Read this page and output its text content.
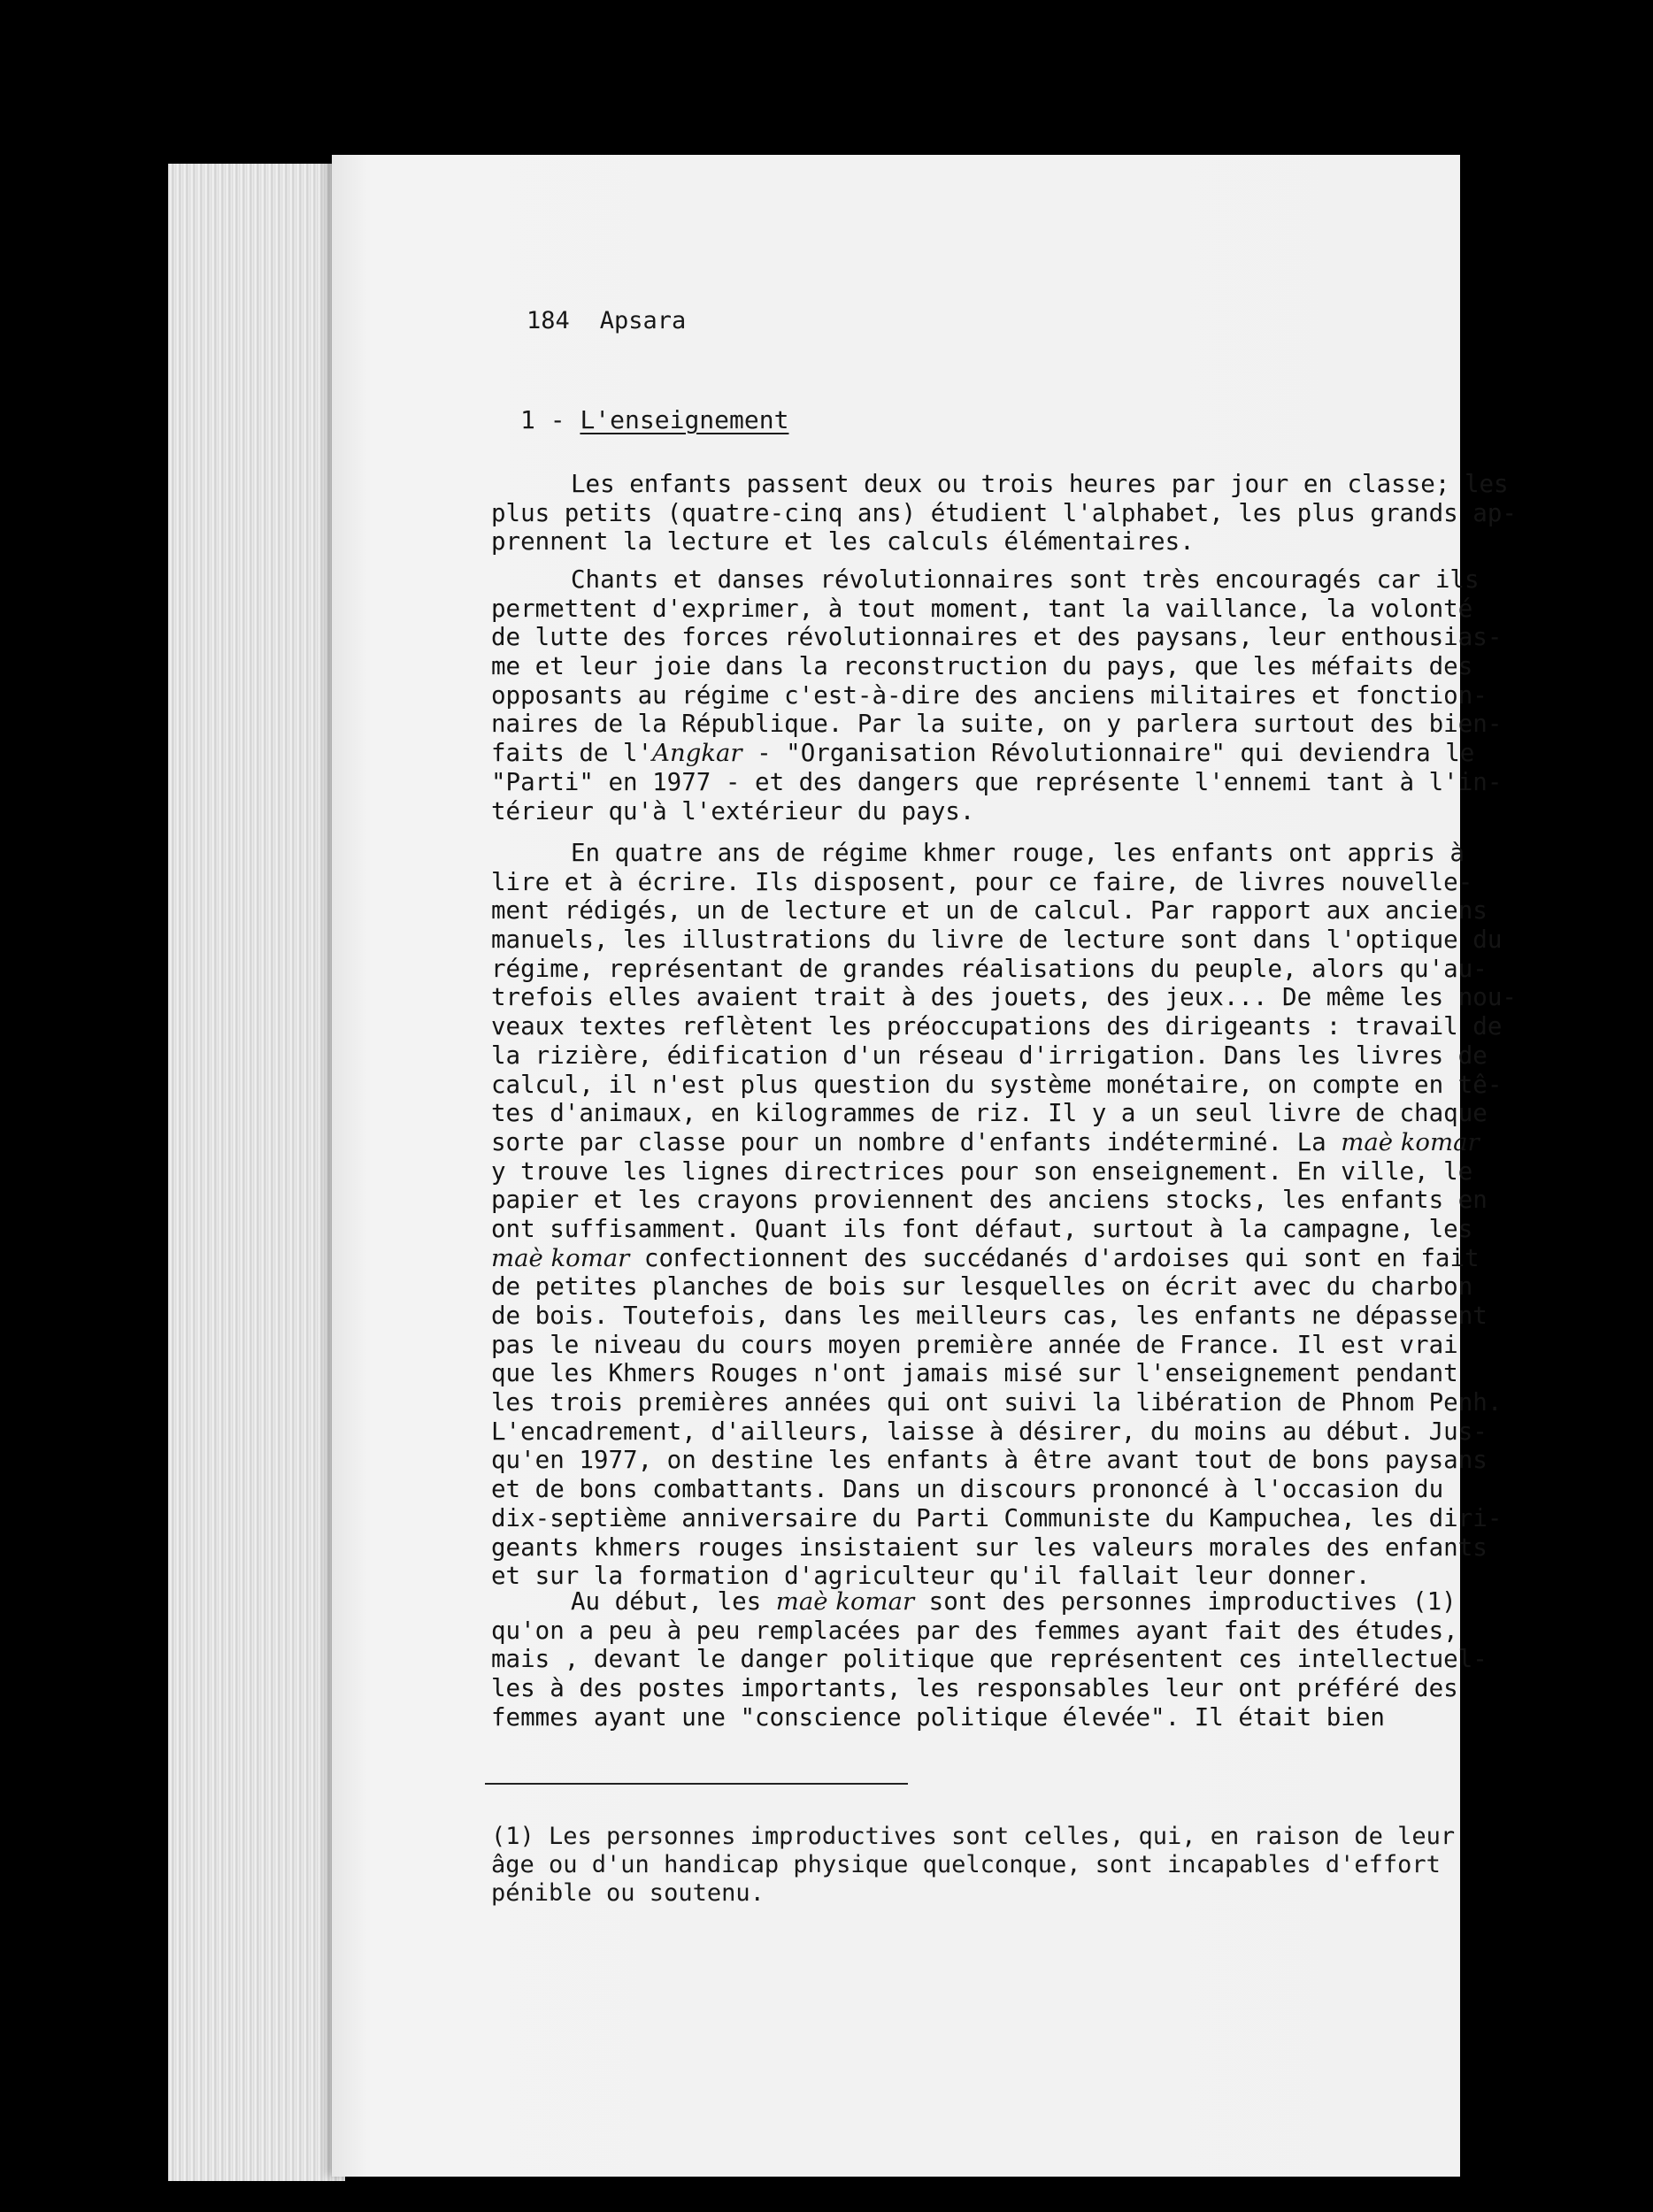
184 Apsara
1 - L'enseignement
Les enfants passent deux ou trois heures par jour en classe; les
plus petits (quatre-cinq ans) étudient l'alphabet, les plus grands ap-
prennent la lecture et les calculs élémentaires.
Chants et danses révolutionnaires sont très encouragés car ils
permettent d'exprimer, à tout moment, tant la vaillance, la volonté
de lutte des forces révolutionnaires et des paysans, leur enthousias-
me et leur joie dans la reconstruction du pays, que les méfaits des
opposants au régime c'est-à-dire des anciens militaires et fonction-
naires de la République. Par la suite, on y parlera surtout des bien-
faits de l'Angkar - "Organisation Révolutionnaire" qui deviendra le
"Parti" en 1977 - et des dangers que représente l'ennemi tant à l'in-
térieur qu'à l'extérieur du pays.
En quatre ans de régime khmer rouge, les enfants ont appris à
lire et à écrire. Ils disposent, pour ce faire, de livres nouvelle-
ment rédigés, un de lecture et un de calcul. Par rapport aux anciens
manuels, les illustrations du livre de lecture sont dans l'optique du
régime, représentant de grandes réalisations du peuple, alors qu'au-
trefois elles avaient trait à des jouets, des jeux... De même les nou-
veaux textes reflètent les préoccupations des dirigeants : travail de
la rizière, édification d'un réseau d'irrigation. Dans les livres de
calcul, il n'est plus question du système monétaire, on compte en tê-
tes d'animaux, en kilogrammes de riz. Il y a un seul livre de chaque
sorte par classe pour un nombre d'enfants indéterminé. La maè komar
y trouve les lignes directrices pour son enseignement. En ville, le
papier et les crayons proviennent des anciens stocks, les enfants en
ont suffisamment. Quant ils font défaut, surtout à la campagne, les
maè komar confectionnent des succédanés d'ardoises qui sont en fait
de petites planches de bois sur lesquelles on écrit avec du charbon
de bois. Toutefois, dans les meilleurs cas, les enfants ne dépassent
pas le niveau du cours moyen première année de France. Il est vrai
que les Khmers Rouges n'ont jamais misé sur l'enseignement pendant
les trois premières années qui ont suivi la libération de Phnom Penh.
L'encadrement, d'ailleurs, laisse à désirer, du moins au début. Jus-
qu'en 1977, on destine les enfants à être avant tout de bons paysans
et de bons combattants. Dans un discours prononcé à l'occasion du
dix-septième anniversaire du Parti Communiste du Kampuchea, les diri-
geants khmers rouges insistaient sur les valeurs morales des enfants
et sur la formation d'agriculteur qu'il fallait leur donner.
Au début, les maè komar sont des personnes improductives (1)
qu'on a peu à peu remplacées par des femmes ayant fait des études,
mais , devant le danger politique que représentent ces intellectuel-
les à des postes importants, les responsables leur ont préféré des
femmes ayant une "conscience politique élevée". Il était bien
(1) Les personnes improductives sont celles, qui, en raison de leur
âge ou d'un handicap physique quelconque, sont incapables d'effort
pénible ou soutenu.
